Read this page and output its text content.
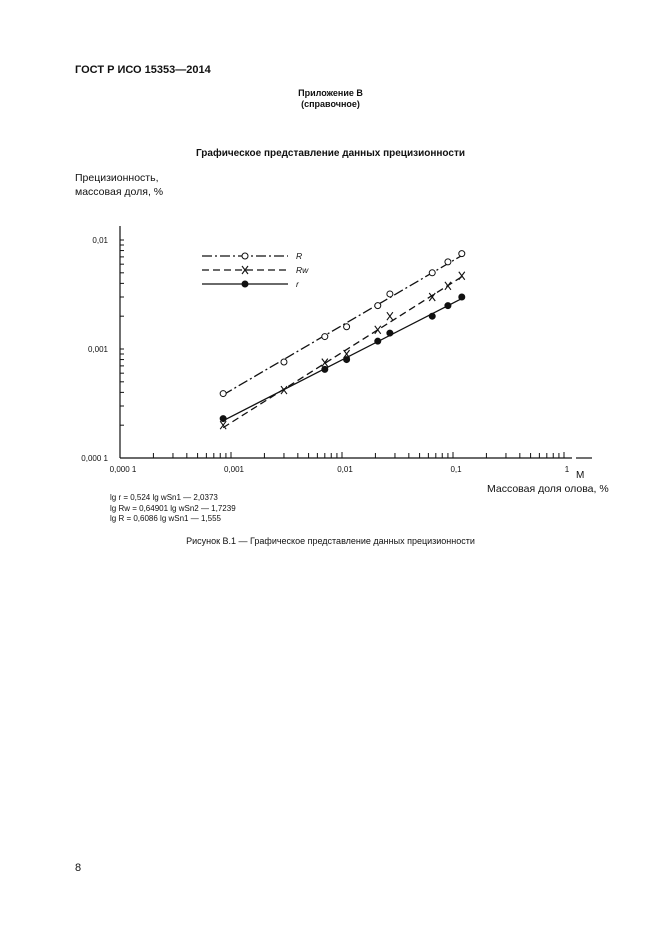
ГОСТ Р ИСО 15353—2014
Приложение В
(справочное)
Графическое представление данных прецизионности
Прецизионность,
массовая доля, %
0,000 1	0,001	0,01	0,1	1
0,000 1
0,001
0,01
M
R
Rw
r
Массовая доля олова, %
lg r = 0,524 lg wSn1 — 2,0373
lg Rw = 0,64901 lg wSn2 — 1,7239
lg R = 0,6086 lg wSn1 — 1,555
Рисунок В.1 — Графическое представление данных прецизионности
8
